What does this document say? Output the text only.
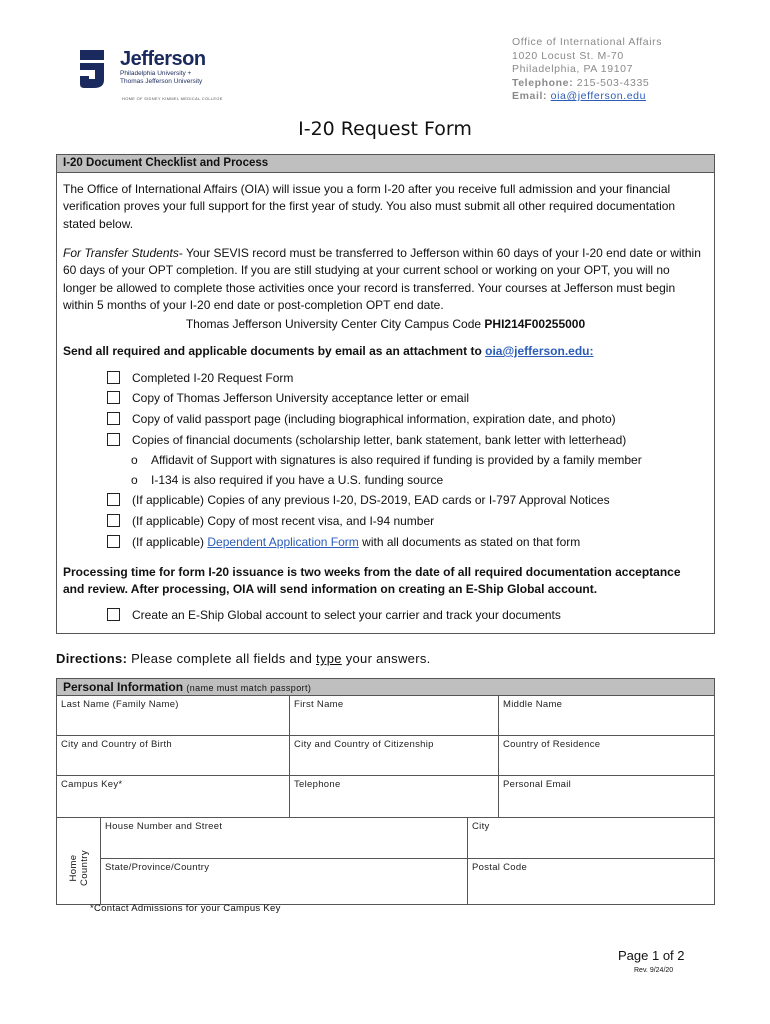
Jefferson
Philadelphia University +
Thomas Jefferson University
HOME OF SIDNEY KIMMEL MEDICAL COLLEGE
Office of International Affairs
1020 Locust St. M-70
Philadelphia, PA 19107
Telephone: 215-503-4335
Email: oia@jefferson.edu
I-20 Request Form
I-20 Document Checklist and Process
The Office of International Affairs (OIA) will issue you a form I-20 after you receive full admission and your financial verification proves your full support for the first year of study. You also must submit all other required documentation stated below.
For Transfer Students- Your SEVIS record must be transferred to Jefferson within 60 days of your I-20 end date or within 60 days of your OPT completion. If you are still studying at your current school or working on your OPT, you will no longer be allowed to complete those activities once your record is transferred. Your courses at Jefferson must begin within 5 months of your I-20 end date or post-completion OPT end date.
Thomas Jefferson University Center City Campus Code PHI214F00255000
Send all required and applicable documents by email as an attachment to oia@jefferson.edu:
Completed I-20 Request Form
Copy of Thomas Jefferson University acceptance letter or email
Copy of valid passport page (including biographical information, expiration date, and photo)
Copies of financial documents (scholarship letter, bank statement, bank letter with letterhead)
o Affidavit of Support with signatures is also required if funding is provided by a family member
o I-134 is also required if you have a U.S. funding source
(If applicable) Copies of any previous I-20, DS-2019, EAD cards or I-797 Approval Notices
(If applicable) Copy of most recent visa, and I-94 number
(If applicable) Dependent Application Form with all documents as stated on that form
Processing time for form I-20 issuance is two weeks from the date of all required documentation acceptance and review. After processing, OIA will send information on creating an E-Ship Global account.
Create an E-Ship Global account to select your carrier and track your documents
Directions: Please complete all fields and type your answers.
Personal Information (name must match passport)
Last Name (Family Name)	First Name	Middle Name
City and Country of Birth	City and Country of Citizenship	Country of Residence
Campus Key*	Telephone	Personal Email
Home Country
House Number and Street	City
State/Province/Country	Postal Code
*Contact Admissions for your Campus Key
Page 1 of 2
Rev. 9/24/20
